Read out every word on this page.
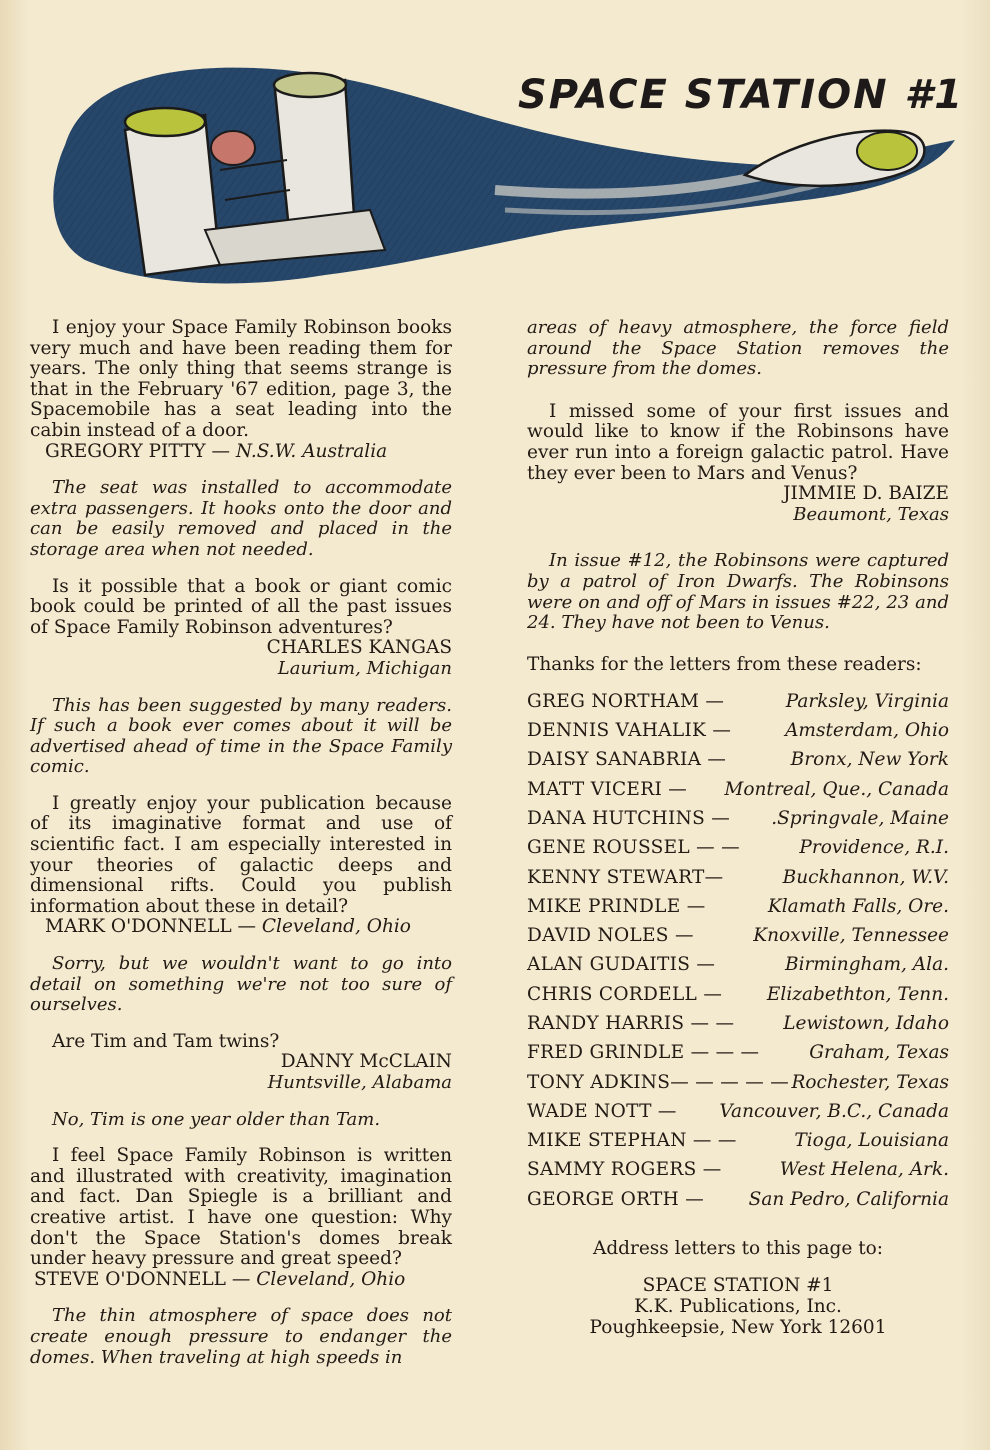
SPACE STATION #1

I enjoy your Space Family Robinson books very much and have been reading them for years. The only thing that seems strange is that in the February '67 edition, page 3, the Spacemobile has a seat leading into the cabin instead of a door.

GREGORY PITTY — N.S.W. Australia

The seat was installed to accommodate extra passengers. It hooks onto the door and can be easily removed and placed in the storage area when not needed.

Is it possible that a book or giant comic book could be printed of all the past issues of Space Family Robinson adventures?

CHARLES KANGAS

Laurium, Michigan

This has been suggested by many readers. If such a book ever comes about it will be advertised ahead of time in the Space Family comic.

I greatly enjoy your publication because of its imaginative format and use of scientific fact. I am especially interested in your theories of galactic deeps and dimensional rifts. Could you publish information about these in detail?

MARK O'DONNELL — Cleveland, Ohio

Sorry, but we wouldn't want to go into detail on something we're not too sure of ourselves.

Are Tim and Tam twins?

DANNY McCLAIN

Huntsville, Alabama

No, Tim is one year older than Tam.

I feel Space Family Robinson is written and illustrated with creativity, imagination and fact. Dan Spiegle is a brilliant and creative artist. I have one question: Why don't the Space Station's domes break under heavy pressure and great speed?

STEVE O'DONNELL — Cleveland, Ohio

The thin atmosphere of space does not create enough pressure to endanger the domes. When traveling at high speeds in

areas of heavy atmosphere, the force field around the Space Station removes the pressure from the domes.

I missed some of your first issues and would like to know if the Robinsons have ever run into a foreign galactic patrol. Have they ever been to Mars and Venus?

JIMMIE D. BAIZE

Beaumont, Texas

In issue #12, the Robinsons were captured by a patrol of Iron Dwarfs. The Robinsons were on and off of Mars in issues #22, 23 and 24. They have not been to Venus.

Thanks for the letters from these readers:

GREG NORTHAM —	Parksley, Virginia

DENNIS VAHALIK —	Amsterdam, Ohio

DAISY SANABRIA —	Bronx, New York

MATT VICERI — Montreal, Que., Canada

DANA HUTCHINS — .Springvale, Maine

GENE ROUSSEL — —	Providence, R.I.

KENNY STEWART—	Buckhannon, W.V.

MIKE PRINDLE —	Klamath Falls, Ore.

DAVID NOLES —	Knoxville, Tennessee

ALAN GUDAITIS —	Birmingham, Ala.

CHRIS CORDELL — Elizabethton, Tenn.

RANDY HARRIS — —	Lewistown, Idaho

FRED GRINDLE — — —	Graham, Texas

TONY ADKINS— — — — — Rochester, Texas

WADE NOTT — Vancouver, B.C., Canada

MIKE STEPHAN — —	Tioga, Louisiana

SAMMY ROGERS —	West Helena, Ark.

GEORGE ORTH — San Pedro, California

Address letters to this page to:

SPACE STATION #1

K.K. Publications, Inc.

Poughkeepsie, New York 12601
